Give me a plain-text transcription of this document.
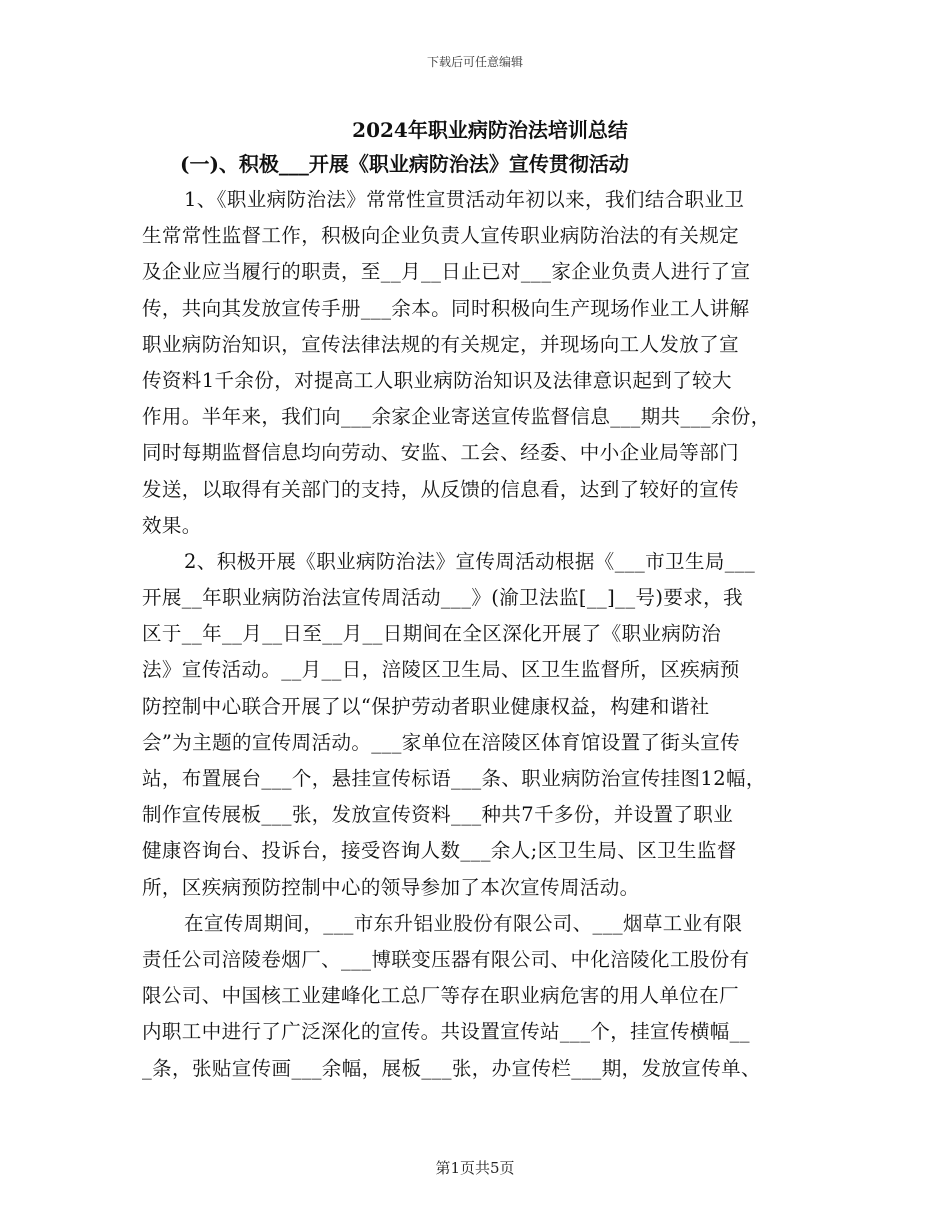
下载后可任意编辑
2024年职业病防治法培训总结
(一)、积极___开展《职业病防治法》宣传贯彻活动
1、《职业病防治法》常常性宣贯活动年初以来，我们结合职业卫
生常常性监督工作，积极向企业负责人宣传职业病防治法的有关规定
及企业应当履行的职责，至__月__日止已对___家企业负责人进行了宣
传，共向其发放宣传手册___余本。同时积极向生产现场作业工人讲解
职业病防治知识，宣传法律法规的有关规定，并现场向工人发放了宣
传资料1千余份，对提高工人职业病防治知识及法律意识起到了较大
作用。半年来，我们向___余家企业寄送宣传监督信息___期共___余份，
同时每期监督信息均向劳动、安监、工会、经委、中小企业局等部门
发送，以取得有关部门的支持，从反馈的信息看，达到了较好的宣传
效果。
2、积极开展《职业病防治法》宣传周活动根据《___市卫生局___
开展__年职业病防治法宣传周活动___》(渝卫法监[__]__号)要求，我
区于__年__月__日至__月__日期间在全区深化开展了《职业病防治
法》宣传活动。__月__日，涪陵区卫生局、区卫生监督所，区疾病预
防控制中心联合开展了以“保护劳动者职业健康权益，构建和谐社
会”为主题的宣传周活动。___家单位在涪陵区体育馆设置了街头宣传
站，布置展台___个，悬挂宣传标语___条、职业病防治宣传挂图12幅，
制作宣传展板___张，发放宣传资料___种共7千多份，并设置了职业
健康咨询台、投诉台，接受咨询人数___余人;区卫生局、区卫生监督
所，区疾病预防控制中心的领导参加了本次宣传周活动。
在宣传周期间，___市东升铝业股份有限公司、___烟草工业有限
责任公司涪陵卷烟厂、___博联变压器有限公司、中化涪陵化工股份有
限公司、中国核工业建峰化工总厂等存在职业病危害的用人单位在厂
内职工中进行了广泛深化的宣传。共设置宣传站___个，挂宣传横幅__
_条，张贴宣传画___余幅，展板___张，办宣传栏___期，发放宣传单、
第1页共5页
